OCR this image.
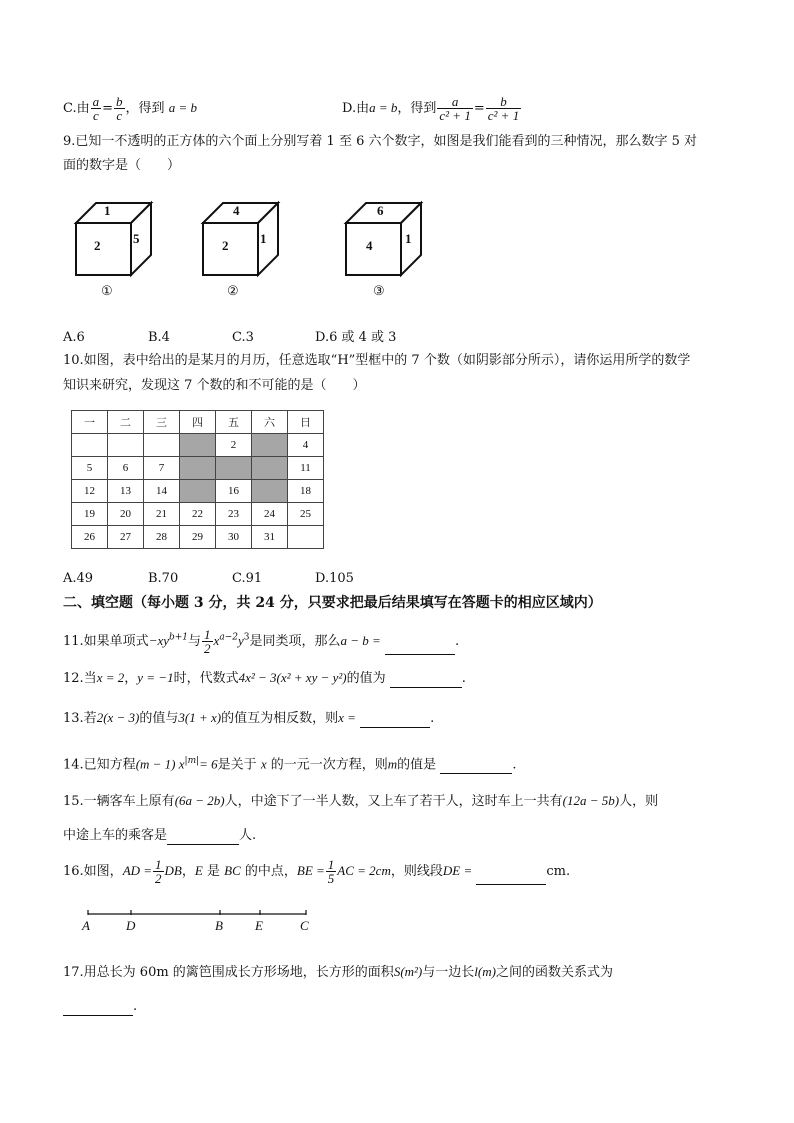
C.由 $\frac{a}{c} = \frac{b}{c}$ ，得到 a = b	D.由a = b，得到 $\frac{a}{\text{c² + 1}} = \frac{b}{\text{c² + 1}}$
9.已知一不透明的正方体的六个面上分别写着 1 至 6 六个数字，如图是我们能看到的三种情况，那么数字 5 对
面的数字是（　　）
1
2	5
①
4
2 1
②
6
4	1
③
A.6	B.4	C.3	D.6 或 4 或 3
10.如图，表中给出的是某月的月历，任意选取“H”型框中的 7 个数（如阴影部分所示），请你运用所学的数学
知识来研究，发现这 7 个数的和不可能的是（　　）
一	二	三	四	五	六	日
				2		4
5	6	7				11
12	13	14		16		18
19	20	21	22	23	24	25
26	27	28	29	30	31	
A.49	B.70	C.91	D.105
二、填空题（每小题 3 分，共 24 分，只要求把最后结果填写在答题卡的相应区域内）
11.如果单项式$-xy^{b+1}$与 $\frac{1}{2} x^{a-2}y^3$是同类项，那么a − b =	.
12.当x = 2，y = −1时，代数式4x² − 3(x² + xy − y²)的值为	.
13.若2(x − 3)的值与3(1 + x)的值互为相反数，则x =	.
14.已知方程(m − 1) $x^{|m|}= 6$是关于 x 的一元一次方程，则m的值是	.
15.一辆客车上原有(6a − 2b)人，中途下了一半人数，又上车了若干人，这时车上一共有(12a − 5b)人，则
中途上车的乘客是	人.
16.如图，AD = $\frac{1}{2}$ DB，E 是 BC 的中点，BE = $\frac{1}{5}$ AC = 2cm，则线段DE =	cm.
A	D	B E	C
17.用总长为 60m 的篱笆围成长方形场地，长方形的面积S(m²)与一边长l(m)之间的函数关系式为
.
